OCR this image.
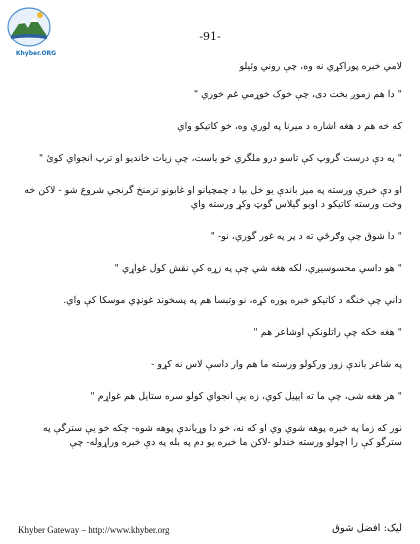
Khyber.ORG
-91-

لامي خبره پوراکړي نه وه، چې روني وئيلو

" دا هم زموږ بخت دی، چې خوک خوړمي غم خوري "

که خه هم د هغه اشاره د ميرنا په لوري وه، خو کاتيکو واي

" په دې درست گروپ کې تاسو درو ملگري خو ياست، چې زيات خانديو او ترپ انجواي کوئ "

او دې خبرې ورسته په ميز باندې يو خل بيا د چمچيانو او غابونو ترمنخ گرنجي شروع شو - لاکن خه وخت ورسته کاتيکو د اوبو گيلاس گوټ وکړ ورسته واي

" دا شوق چې وګرځي ته د پر په غور گوري، نو- "

" هو داسي محسوسيږي، لکه هغه شي چې په زړه کې نقش کول غواړي "

داني چې خنگه د کاتيکو خبره پوره کړه، نو وتبسا هم په پسخوند غونډي موسکا کې واي.

" هغه خکه چې راتلونکې اوشاعر هم "

په شاعر باندې زور ورکولو ورسته ما هم وار داسې لاس نه کړو -

" هر هغه شی، چې ما ته ايپيل کوي، زه يې انجواي کولو سره ستايل هم غواړم "

نور که زما په خبره پوهه شوي وي او که نه، خو دا وړباندې پوهه شوه- چکه خو يې سترگې په سترگو کې را اچولو ورسته خندلو -لاکن ما خبره يو دم په بله په دې خبره وراړوله- چې

Khyber Gateway – http://www.khyber.org	ليک: افضل شوق
